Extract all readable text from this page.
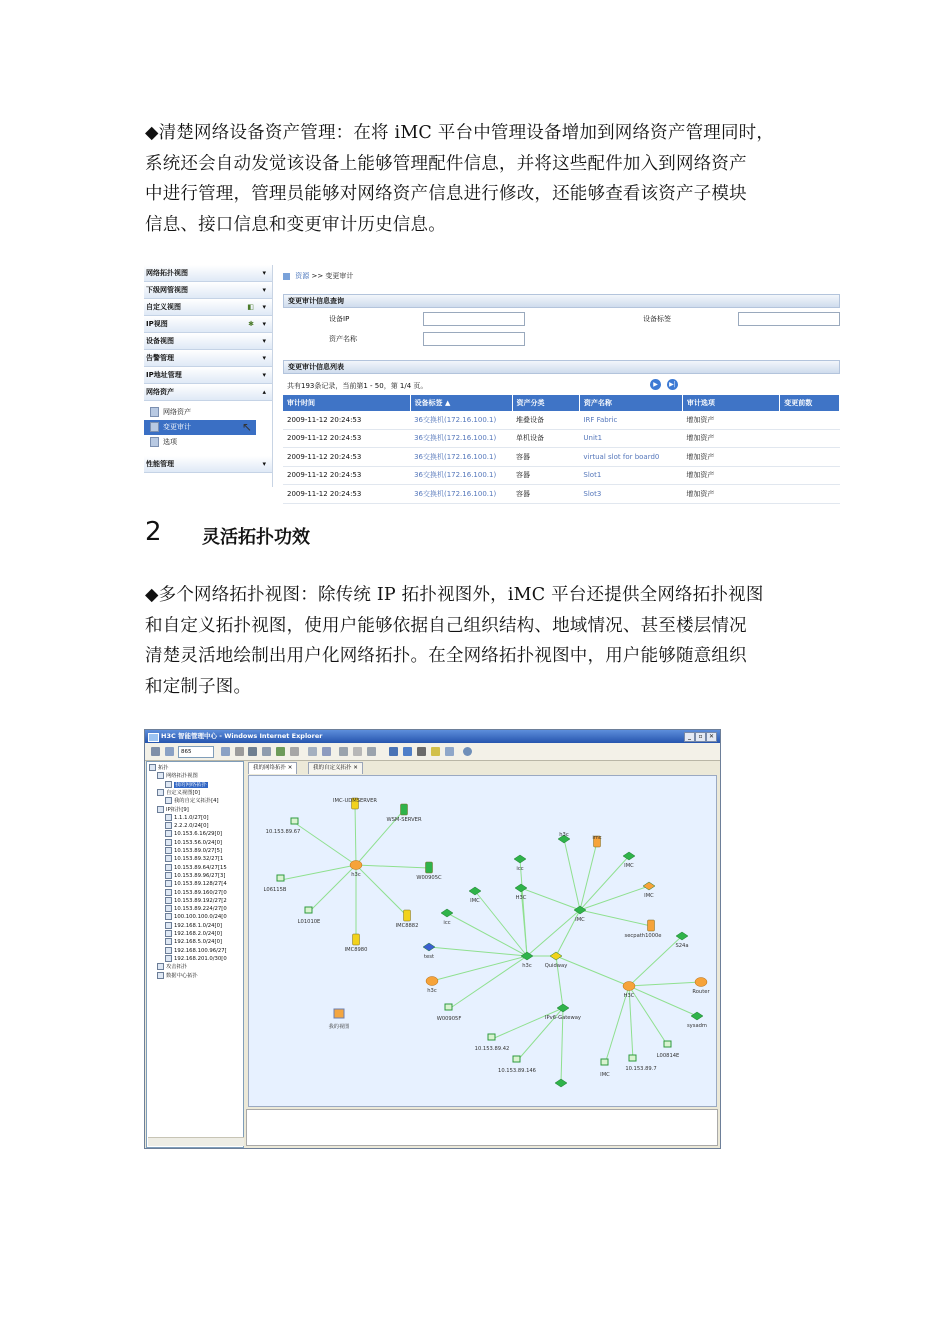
◆清楚网络设备资产管理：在将 iMC 平台中管理设备增加到网络资产管理同时，

系统还会自动发觉该设备上能够管理配件信息，并将这些配件加入到网络资产

中进行管理，管理员能够对网络资产信息进行修改，还能够查看该资产子模块

信息、接口信息和变更审计历史信息。

网络拓扑视图	▾
下级网管视图	▾
自定义视图	◧ ▾
IP视图	✱ ▾
设备视图	▾
告警管理	▾
IP地址管理	▾
网络资产	▴
网络资产
变更审计
选项
性能管理	▾
↖
资源 >> 变更审计
变更审计信息查询
设备IP	设备标签
资产名称
变更审计信息列表
共有193条记录，当前第1 - 50，第 1/4 页。	▶	▶|
审计时间	设备标签 ▲	资产分类	资产名称	审计选项	变更前数
2009-11-12 20:24:53	36交换机(172.16.100.1)	堆叠设备	IRF Fabric	增加资产	
2009-11-12 20:24:53	36交换机(172.16.100.1)	单机设备	Unit1	增加资产	
2009-11-12 20:24:53	36交换机(172.16.100.1)	容器	virtual slot for board0	增加资产	
2009-11-12 20:24:53	36交换机(172.16.100.1)	容器	Slot1	增加资产	
2009-11-12 20:24:53	36交换机(172.16.100.1)	容器	Slot3	增加资产	
2 灵活拓扑功效

◆多个网络拓扑视图：除传统 IP 拓扑视图外，iMC 平台还提供全网络拓扑视图

和自定义拓扑视图，使用户能够依据自己组织结构、地域情况、甚至楼层情况

清楚灵活地绘制出用户化网络拓扑。在全网络拓扑视图中，用户能够随意组织

和定制子图。

H3C 智能管理中心 - Windows Internet Explorer	_	▫	✕
865
拓扑
网络拓扑视图
我的网络拓扑
自定义视图[0]
我的自定义拓扑[4]
IP拓扑[9]
1.1.1.0/27[0]
2.2.2.0/24[0]
10.153.6.16/29[0]
10.153.56.0/24[0]
10.153.89.0/27[5]
10.153.89.32/27[1
10.153.89.64/27[15
10.153.89.96/27[3]
10.153.89.128/27[4
10.153.89.160/27[0
10.153.89.192/27[2
10.153.89.224/27[0
100.100.100.0/24[0
192.168.1.0/24[0]
192.168.2.0/24[0]
192.168.5.0/24[0]
192.168.100.96/27[
192.168.201.0/30[0
攻击拓扑
数据中心拓扑
我的网络拓扑 ✕	我的自定义拓扑 ✕
IMC-UDMSERVER
WSM-SERVER
10.153.89.67
h3c	W00905C
L06115B
L01010E
IMC8882
IMC8980
icc
IMC
icc
H3C
h3c	imc
IMC
IMC
IMC
secpath1000e
S24a
test
h3c Quidway
h3c	Router
H3C
W00905F	IPv6-Gateway
sysadm
10.153.89.42
10.153.89.146
L00814E
10.153.89.7
IMC
我的视图
